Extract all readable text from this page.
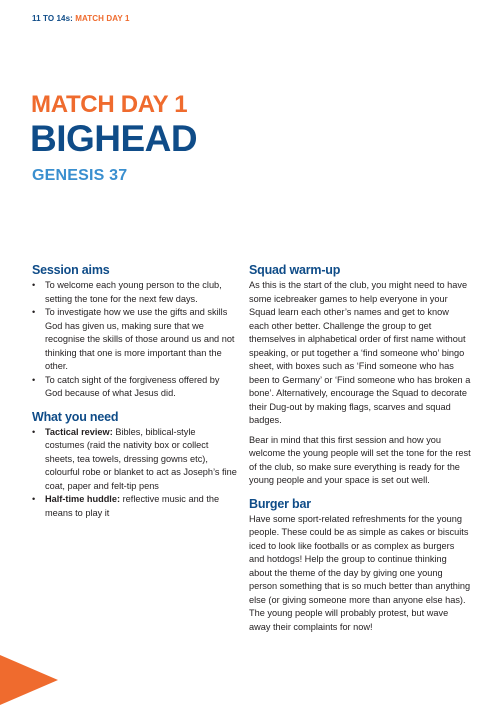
11 TO 14s: MATCH DAY 1
MATCH DAY 1
BIGHEAD
GENESIS 37
Session aims
• To welcome each young person to the club, setting the tone for the next few days.
• To investigate how we use the gifts and skills God has given us, making sure that we recognise the skills of those around us and not thinking that one is more important than the other.
• To catch sight of the forgiveness offered by God because of what Jesus did.
What you need
• Tactical review: Bibles, biblical-style costumes (raid the nativity box or collect sheets, tea towels, dressing gowns etc), colourful robe or blanket to act as Joseph’s fine coat, paper and felt-tip pens
• Half-time huddle: reflective music and the means to play it
Squad warm-up

As this is the start of the club, you might need to have some icebreaker games to help everyone in your Squad learn each other’s names and get to know each other better. Challenge the group to get themselves in alphabetical order of first name without speaking, or put together a ‘find someone who’ bingo sheet, with boxes such as ‘Find someone who has been to Germany’ or ‘Find someone who has broken a bone’. Alternatively, encourage the Squad to decorate their Dug-out by making flags, scarves and squad badges.

Bear in mind that this first session and how you welcome the young people will set the tone for the rest of the club, so make sure everything is ready for the young people and your space is set out well.

Burger bar

Have some sport-related refreshments for the young people. These could be as simple as cakes or biscuits iced to look like footballs or as complex as burgers and hotdogs! Help the group to continue thinking about the theme of the day by giving one young person something that is so much better than anything else (or giving someone more than anyone else has). The young people will probably protest, but wave away their complaints for now!
